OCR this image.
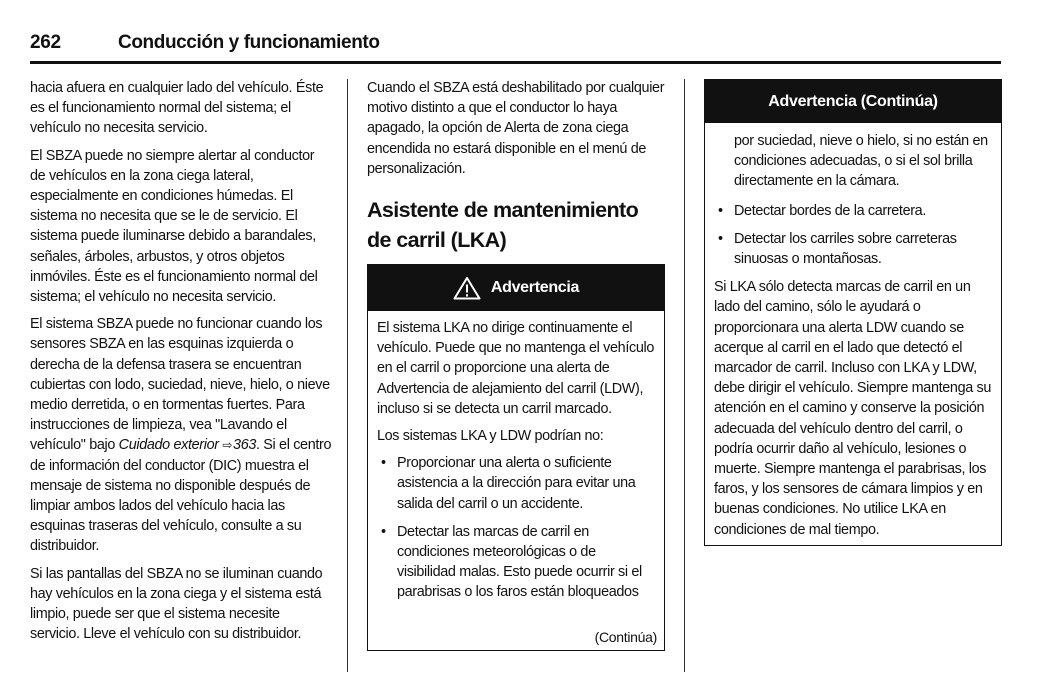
262	Conducción y funcionamiento

hacia afuera en cualquier lado del vehículo. Éste es el funcionamiento normal del sistema; el vehículo no necesita servicio.

El SBZA puede no siempre alertar al conductor de vehículos en la zona ciega lateral, especialmente en condiciones húmedas. El sistema no necesita que se le de servicio. El sistema puede iluminarse debido a barandales, señales, árboles, arbustos, y otros objetos inmóviles. Éste es el funcionamiento normal del sistema; el vehículo no necesita servicio.

El sistema SBZA puede no funcionar cuando los sensores SBZA en las esquinas izquierda o derecha de la defensa trasera se encuentran cubiertas con lodo, suciedad, nieve, hielo, o nieve medio derretida, o en tormentas fuertes. Para instrucciones de limpieza, vea "Lavando el vehículo" bajo Cuidado exterior ⇨363. Si el centro de información del conductor (DIC) muestra el mensaje de sistema no disponible después de limpiar ambos lados del vehículo hacia las esquinas traseras del vehículo, consulte a su distribuidor.

Si las pantallas del SBZA no se iluminan cuando hay vehículos en la zona ciega y el sistema está limpio, puede ser que el sistema necesite servicio. Lleve el vehículo con su distribuidor.

Cuando el SBZA está deshabilitado por cualquier motivo distinto a que el conductor lo haya apagado, la opción de Alerta de zona ciega encendida no estará disponible en el menú de personalización.

Asistente de mantenimiento de carril (LKA)
Advertencia

El sistema LKA no dirige continuamente el vehículo. Puede que no mantenga el vehículo en el carril o proporcione una alerta de Advertencia de alejamiento del carril (LDW), incluso si se detecta un carril marcado.

Los sistemas LKA y LDW podrían no:

• Proporcionar una alerta o suficiente asistencia a la dirección para evitar una salida del carril o un accidente.
• Detectar las marcas de carril en condiciones meteorológicas o de visibilidad malas. Esto puede ocurrir si el parabrisas o los faros están bloqueados
(Continúa)
Advertencia (Continúa)

por suciedad, nieve o hielo, si no están en condiciones adecuadas, o si el sol brilla directamente en la cámara.

• Detectar bordes de la carretera.
• Detectar los carriles sobre carreteras sinuosas o montañosas.

Si LKA sólo detecta marcas de carril en un lado del camino, sólo le ayudará o proporcionara una alerta LDW cuando se acerque al carril en el lado que detectó el marcador de carril. Incluso con LKA y LDW, debe dirigir el vehículo. Siempre mantenga su atención en el camino y conserve la posición adecuada del vehículo dentro del carril, o podría ocurrir daño al vehículo, lesiones o muerte. Siempre mantenga el parabrisas, los faros, y los sensores de cámara limpios y en buenas condiciones. No utilice LKA en condiciones de mal tiempo.
